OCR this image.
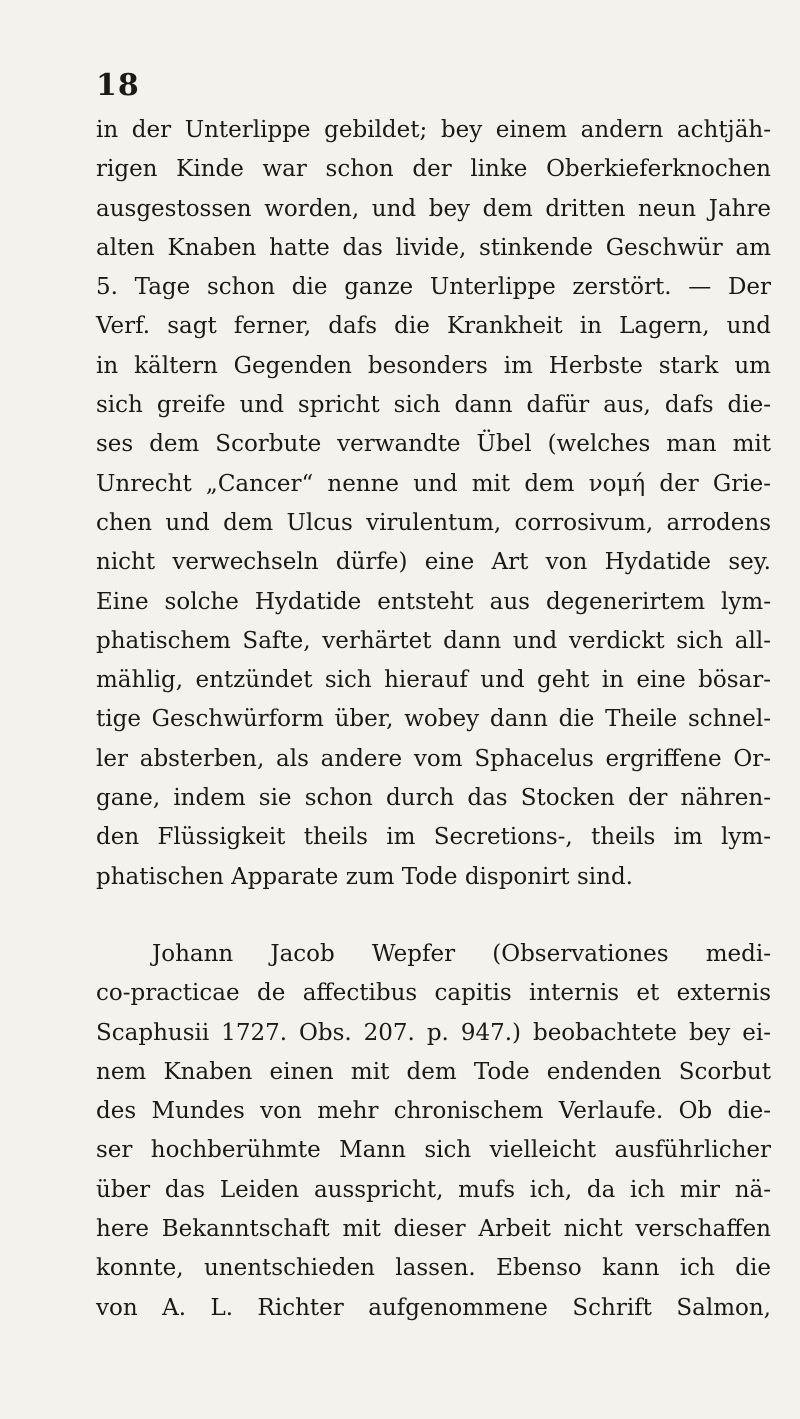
18
in der Unterlippe gebildet; bey einem andern achtjäh-
rigen Kinde war schon der linke Oberkieferknochen
ausgestossen worden, und bey dem dritten neun Jahre
alten Knaben hatte das livide, stinkende Geschwür am
5. Tage schon die ganze Unterlippe zerstört. — Der
Verf. sagt ferner, dafs die Krankheit in Lagern, und
in kältern Gegenden besonders im Herbste stark um
sich greife und spricht sich dann dafür aus, dafs die-
ses dem Scorbute verwandte Übel (welches man mit
Unrecht „Cancer“ nenne und mit dem νομή der Grie-
chen und dem Ulcus virulentum, corrosivum, arrodens
nicht verwechseln dürfe) eine Art von Hydatide sey.
Eine solche Hydatide entsteht aus degenerirtem lym-
phatischem Safte, verhärtet dann und verdickt sich all-
mählig, entzündet sich hierauf und geht in eine bösar-
tige Geschwürform über, wobey dann die Theile schnel-
ler absterben, als andere vom Sphacelus ergriffene Or-
gane, indem sie schon durch das Stocken der nähren-
den Flüssigkeit theils im Secretions-, theils im lym-
phatischen Apparate zum Tode disponirt sind.
Johann Jacob Wepfer (Observationes medi-
co-practicae de affectibus capitis internis et externis
Scaphusii 1727. Obs. 207. p. 947.) beobachtete bey ei-
nem Knaben einen mit dem Tode endenden Scorbut
des Mundes von mehr chronischem Verlaufe. Ob die-
ser hochberühmte Mann sich vielleicht ausführlicher
über das Leiden ausspricht, mufs ich, da ich mir nä-
here Bekanntschaft mit dieser Arbeit nicht verschaffen
konnte, unentschieden lassen. Ebenso kann ich die
von A. L. Richter aufgenommene Schrift Salmon,
